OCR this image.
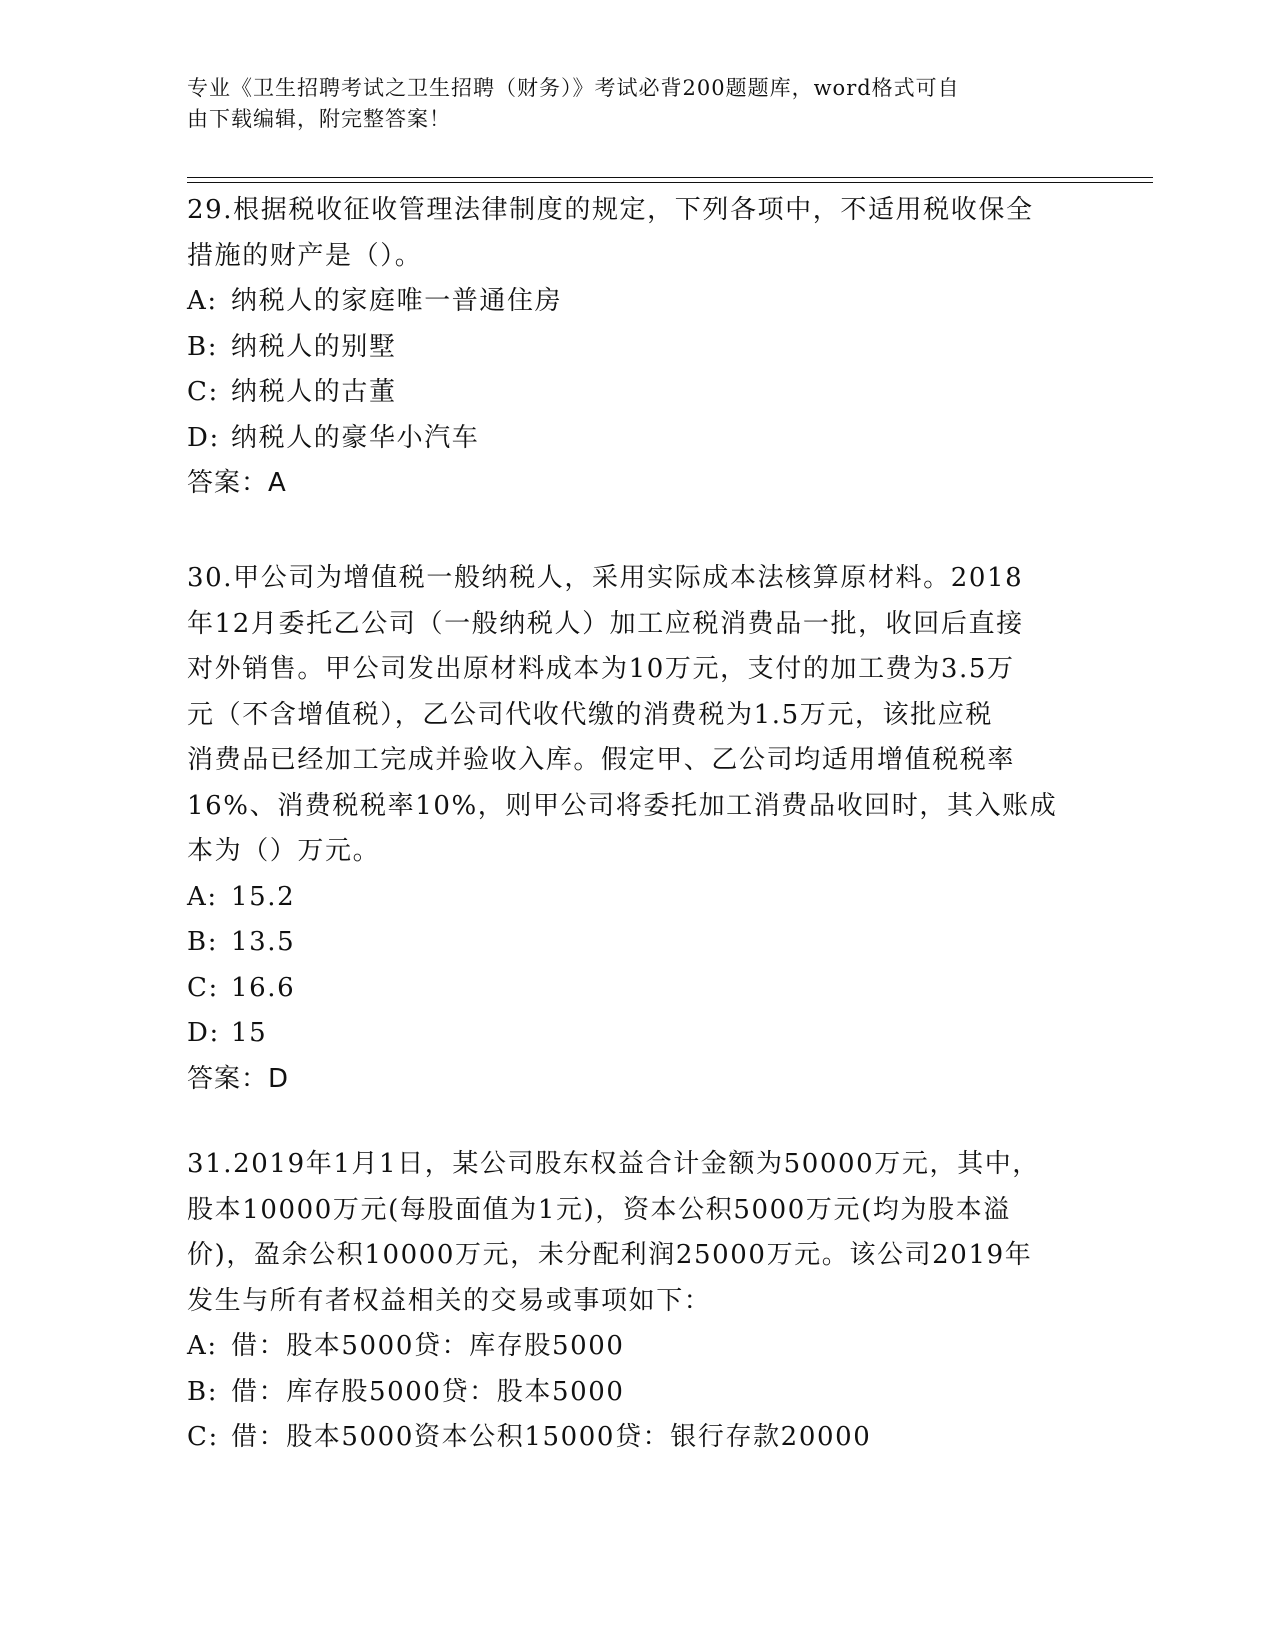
专业《卫生招聘考试之卫生招聘（财务）》考试必背200题题库，word格式可自
由下载编辑，附完整答案！

29.根据税收征收管理法律制度的规定，下列各项中，不适用税收保全

措施的财产是（）。

A: 纳税人的家庭唯一普通住房

B: 纳税人的别墅

C: 纳税人的古董

D: 纳税人的豪华小汽车

答案：A

30.甲公司为增值税一般纳税人，采用实际成本法核算原材料。2018

年12月委托乙公司（一般纳税人）加工应税消费品一批，收回后直接

对外销售。甲公司发出原材料成本为10万元，支付的加工费为3.5万

元（不含增值税），乙公司代收代缴的消费税为1.5万元，该批应税

消费品已经加工完成并验收入库。假定甲、乙公司均适用增值税税率

16%、消费税税率10%，则甲公司将委托加工消费品收回时，其入账成

本为（）万元。

A: 15.2

B: 13.5

C: 16.6

D: 15

答案：D

31.2019年1月1日，某公司股东权益合计金额为50000万元，其中，

股本10000万元(每股面值为1元)，资本公积5000万元(均为股本溢

价)，盈余公积10000万元，未分配利润25000万元。该公司2019年

发生与所有者权益相关的交易或事项如下：

A: 借：股本5000贷：库存股5000

B: 借：库存股5000贷：股本5000

C: 借：股本5000资本公积15000贷：银行存款20000
